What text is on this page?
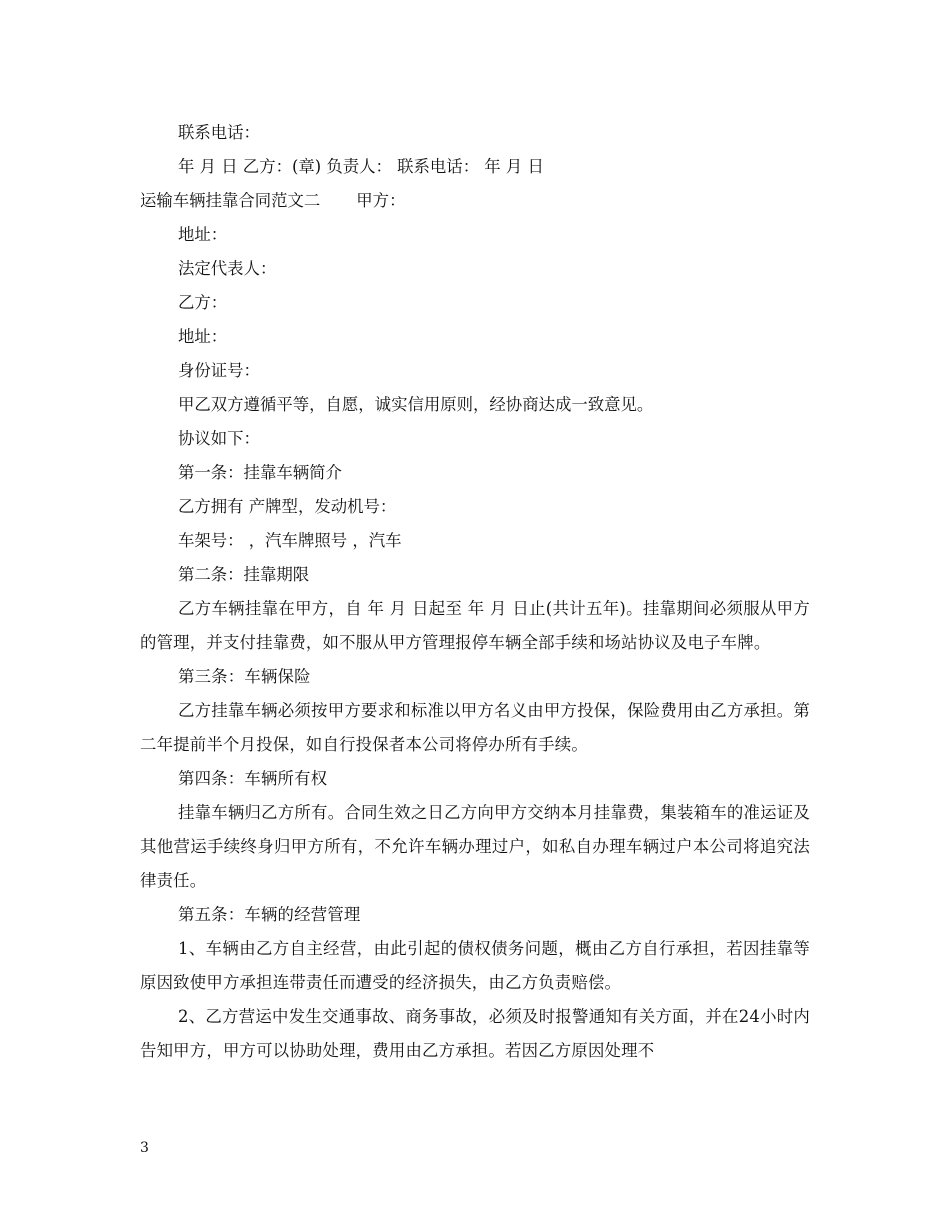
联系电话：
年 月 日 乙方：(章) 负责人： 联系电话： 年 月 日
运输车辆挂靠合同范文二 甲方：
地址：
法定代表人：
乙方：
地址：
身份证号：
甲乙双方遵循平等，自愿，诚实信用原则，经协商达成一致意见。
协议如下：
第一条：挂靠车辆简介
乙方拥有 产牌型，发动机号：
车架号： ，汽车牌照号 ，汽车
第二条：挂靠期限
乙方车辆挂靠在甲方，自 年 月 日起至 年 月 日止(共计五年)。挂靠期间必须服从甲方的管理，并支付挂靠费，如不服从甲方管理报停车辆全部手续和场站协议及电子车牌。
第三条：车辆保险
乙方挂靠车辆必须按甲方要求和标准以甲方名义由甲方投保，保险费用由乙方承担。第二年提前半个月投保，如自行投保者本公司将停办所有手续。
第四条：车辆所有权
挂靠车辆归乙方所有。合同生效之日乙方向甲方交纳本月挂靠费，集装箱车的准运证及其他营运手续终身归甲方所有，不允许车辆办理过户，如私自办理车辆过户本公司将追究法律责任。
第五条：车辆的经营管理
1、车辆由乙方自主经营，由此引起的债权债务问题，概由乙方自行承担，若因挂靠等原因致使甲方承担连带责任而遭受的经济损失，由乙方负责赔偿。
2、乙方营运中发生交通事故、商务事故，必须及时报警通知有关方面，并在24小时内告知甲方，甲方可以协助处理，费用由乙方承担。若因乙方原因处理不
3
